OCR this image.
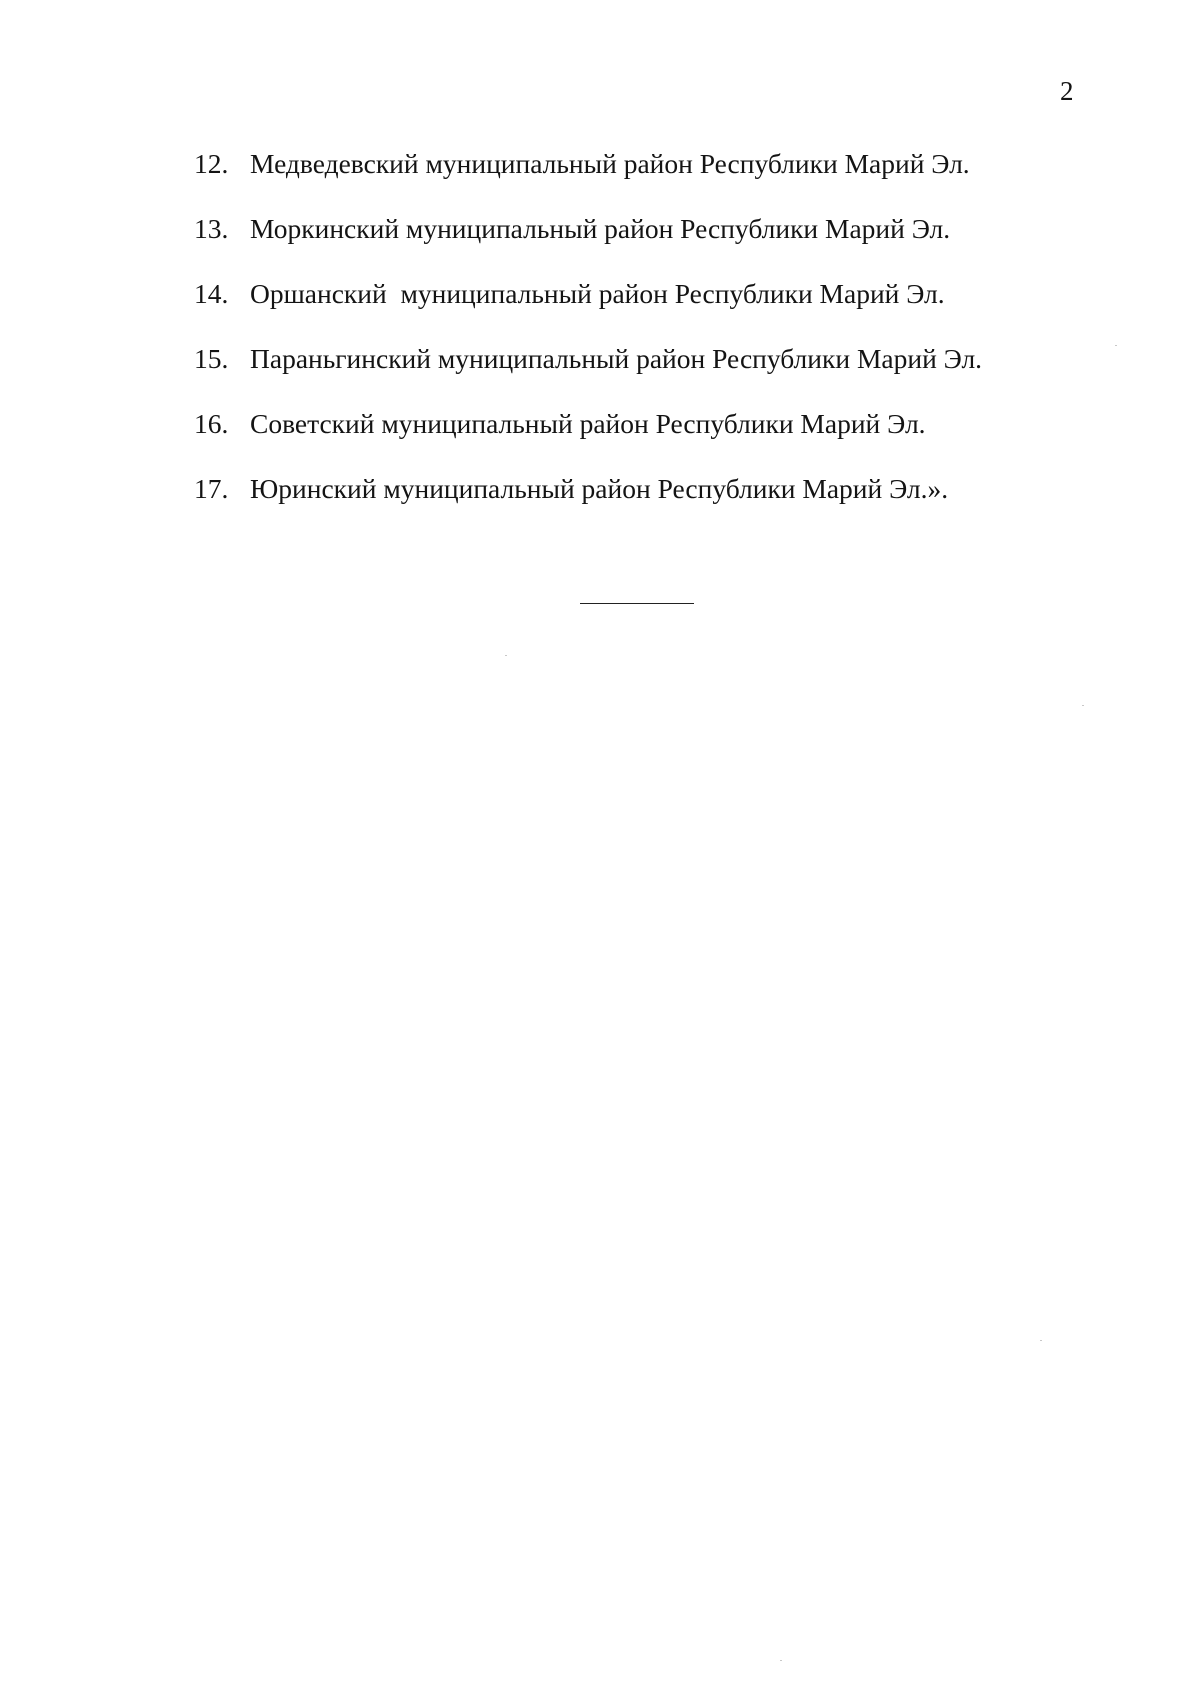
2
12. Медведевский муниципальный район Республики Марий Эл.
13. Моркинский муниципальный район Республики Марий Эл.
14. Оршанский  муниципальный район Республики Марий Эл.
15. Параньгинский муниципальный район Республики Марий Эл.
16. Советский муниципальный район Республики Марий Эл.
17. Юринский муниципальный район Республики Марий Эл.».
